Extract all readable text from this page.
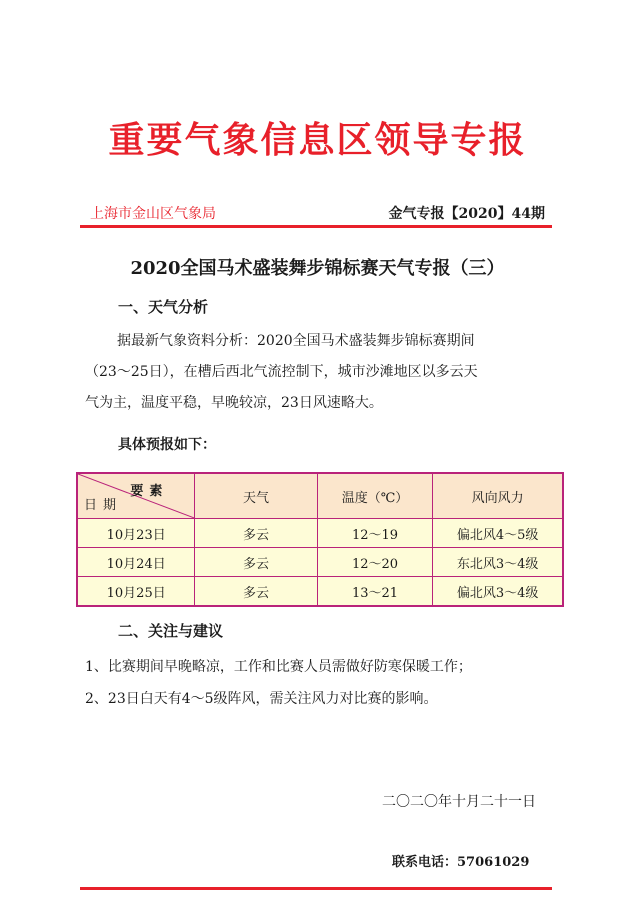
重要气象信息区领导专报
上海市金山区气象局	金气专报【2020】44期
2020全国马术盛装舞步锦标赛天气专报（三）
一、天气分析
据最新气象资料分析：2020全国马术盛装舞步锦标赛期间
（23～25日），在槽后西北气流控制下，城市沙滩地区以多云天
气为主，温度平稳，早晚较凉，23日风速略大。
具体预报如下：
要素
日期	天气	温度（℃）	风向风力
10月23日	多云	12～19	偏北风4～5级
10月24日	多云	12～20	东北风3～4级
10月25日	多云	13～21	偏北风3～4级
二、关注与建议
1、比赛期间早晚略凉，工作和比赛人员需做好防寒保暖工作；
2、23日白天有4～5级阵风，需关注风力对比赛的影响。
二〇二〇年十月二十一日
联系电话：57061029
